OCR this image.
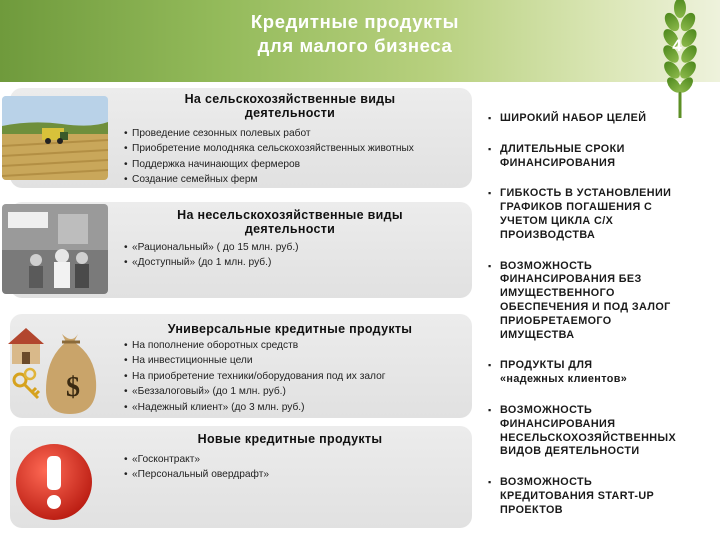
Кредитные продукты
для малого бизнеса	4
На сельскохозяйственные виды
деятельности
• Проведение сезонных полевых работ
• Приобретение молодняка сельскохозяйственных животных
• Поддержка начинающих фермеров
• Создание семейных ферм
На несельскохозяйственные виды
деятельности
• «Рациональный» ( до 15 млн. руб.)
• «Доступный» (до 1 млн. руб.)
$
Универсальные кредитные продукты
• На пополнение оборотных средств
• На инвестиционные цели
• На приобретение техники/оборудования под их залог
• «Беззалоговый» (до 1 млн. руб.)
• «Надежный клиент» (до 3 млн. руб.)
Новые кредитные продукты
• «Госконтракт»
• «Персональный овердрафт»
▪ ШИРОКИЙ НАБОР ЦЕЛЕЙ
▪ ДЛИТЕЛЬНЫЕ СРОКИ
ФИНАНСИРОВАНИЯ
▪ ГИБКОСТЬ В УСТАНОВЛЕНИИ
ГРАФИКОВ ПОГАШЕНИЯ С
УЧЕТОМ ЦИКЛА С/Х
ПРОИЗВОДСТВА
▪ ВОЗМОЖНОСТЬ
ФИНАНСИРОВАНИЯ БЕЗ
ИМУЩЕСТВЕННОГО
ОБЕСПЕЧЕНИЯ И ПОД ЗАЛОГ
ПРИОБРЕТАЕМОГО
ИМУЩЕСТВА
▪ ПРОДУКТЫ ДЛЯ
«надежных клиентов»
▪ ВОЗМОЖНОСТЬ
ФИНАНСИРОВАНИЯ
НЕСЕЛЬСКОХОЗЯЙСТВЕННЫХ
ВИДОВ ДЕЯТЕЛЬНОСТИ
▪ ВОЗМОЖНОСТЬ
КРЕДИТОВАНИЯ START-UP
ПРОЕКТОВ
